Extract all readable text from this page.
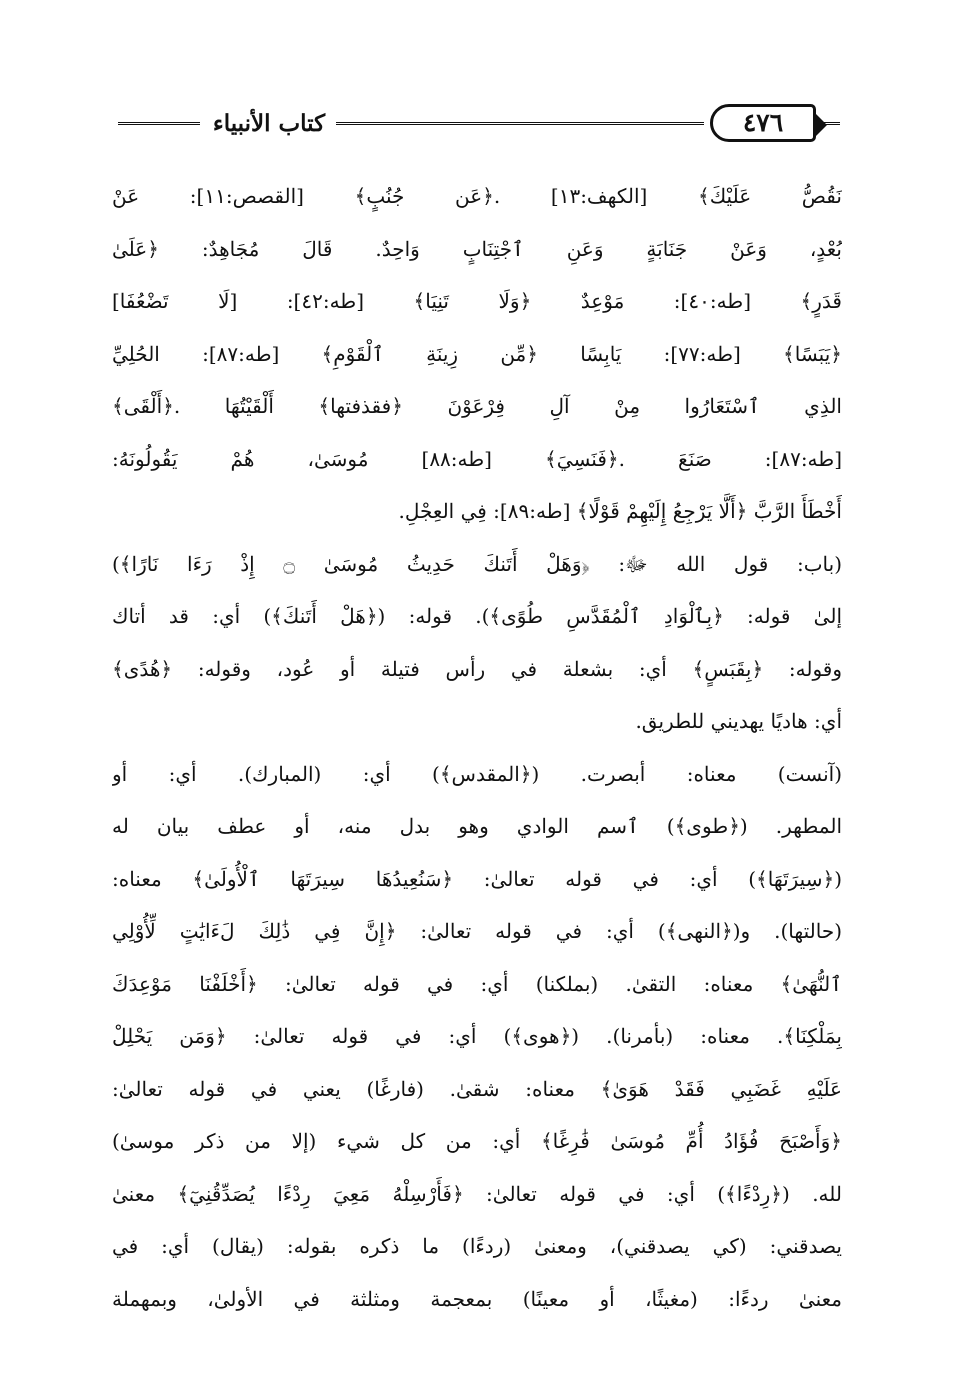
كتاب الأنبياء	٤٧٦
نَقُصُّ عَلَيْكَ﴾ [الكهف:١٣] .﴿عَن جُنُبٍ﴾ [القصص:١١]: عَنْ
بُعْدٍ، وَعَنْ جَنَابَةٍ وَعَنِ ٱجْتِنَابٍ وَاحِدٌ. قَالَ مُجَاهِدٌ: ﴿عَلَىٰ
قَدَرٍ﴾ [طه:٤٠]: مَوْعِدٌ ﴿وَلَا تَنِيَا﴾ [طه:٤٢]: [لَا تَضْعُفَا]
﴿يَبَسًا﴾ [طه:٧٧]: يَابِسًا ﴿مِّن زِينَةِ ٱلْقَوْمِ﴾ [طه:٨٧]: الحُلِيِّ
الذِي ٱسْتَعَارُوا مِنْ آلِ فِرْعَوْنَ ﴿فقذفتها﴾ أَلْقَيْتُهَا .﴿أَلْقَى﴾
[طه:٨٧]: صَنَعَ .﴿فَنَسِيَ﴾ [طه:٨٨] مُوسَىٰ، هُمْ يَقُولُونَهُ:
أَخْطَأَ الرَّبَّ ﴿أَلَّا يَرْجِعُ إِلَيْهِمْ قَوْلًا﴾ [طه:٨٩]: فِي العِجْلِ.
(باب: قول الله ﷻ: ﴿وَهَلْ أَتَنكَ حَدِيثُ مُوسَىٰ ۝ إِذْ رَءَا نَارًا﴾)
إلىٰ قوله: ﴿بِٱلْوَادِ ٱلْمُقَدَّسِ طُوًى﴾). قوله: (﴿هَلْ أَتَنكَ﴾) أي: قد أتاك
وقوله: ﴿بِقَبَسٍ﴾ أي: بشعلة في رأس فتيلة أو عُود، وقوله: ﴿هُدًى﴾
أي: هاديًا يهديني للطريق.
(آنست) معناه: أبصرت. (﴿المقدس﴾) أي: (المبارك). أي: أو
المطهر. (﴿طوى﴾) ٱسم الوادي وهو بدل منه، أو عطف بيان له
(﴿سِيرَتَهَا﴾) أي: في قوله تعالىٰ: ﴿سَنُعِيدُهَا سِيرَتَهَا ٱلْأُولَىٰ﴾ معناه:
(حالتها). و(﴿النهى﴾) أي: في قوله تعالىٰ: ﴿إِنَّ فِي ذَٰلِكَ لَءَايَٰتٍ لِّأُوْلِي
ٱلنُّهَىٰ﴾ معناه: التقىٰ. (بملكنا) أي: في قوله تعالىٰ: ﴿أَخْلَفْنَا مَوْعِدَكَ
بِمَلْكِنَا﴾. معناه: (بأمرنا). (﴿هوى﴾) أي: في قوله تعالىٰ: ﴿وَمَن يَحْلِلْ
عَلَيْهِ غَضَبِي فَقَدْ هَوَىٰ﴾ معناه: شقىٰ. (فارغًا) يعني في قوله تعالىٰ:
﴿وَأَصْبَحَ فُؤَادُ أُمِّ مُوسَىٰ فَٰرِغًا﴾ أي: من كل شيء (إلا من ذكر موسىٰ)
لله. (﴿رِدْءًا﴾) أي: في قوله تعالىٰ: ﴿فَأَرْسِلْهُ مَعِيَ رِدْءًا يُصَدِّقُنِيٓ﴾ معنىٰ
يصدقني: (كي يصدقني)، ومعنىٰ (ردءًا) ما ذكره بقوله: (يقال) أي: في
معنىٰ ردءًا: (مغيثًا، أو معينًا) بمعجمة ومثلثة في الأولىٰ، وبمهملة
